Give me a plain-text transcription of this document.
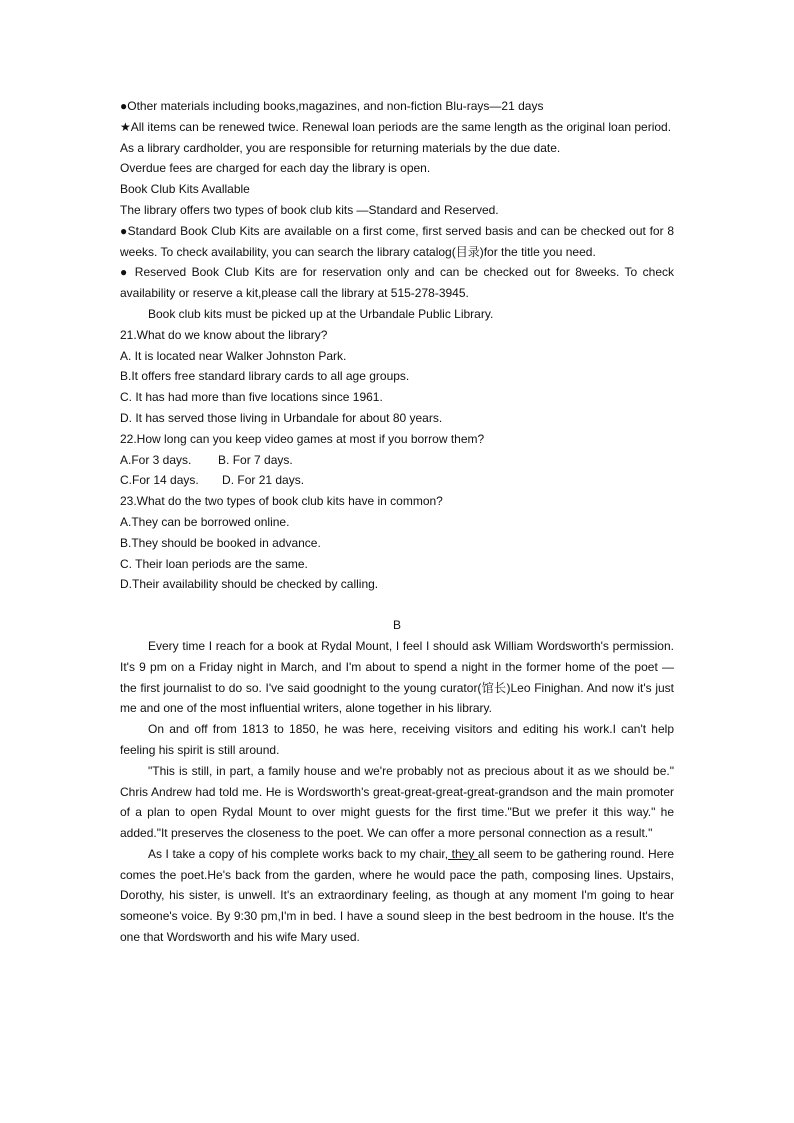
●Other materials including books,magazines, and non-fiction Blu-rays—21 days

★All items can be renewed twice. Renewal loan periods are the same length as the original loan period.

As a library cardholder, you are responsible for returning materials by the due date.

Overdue fees are charged for each day the library is open.

Book Club Kits Avallable

The library offers two types of book club kits —Standard and Reserved.

●Standard Book Club Kits are available on a first come, first served basis and can be checked out for 8 weeks. To check availability, you can search the library catalog(目录)for the title you need.

● Reserved Book Club Kits are for reservation only and can be checked out for 8weeks. To check availability or reserve a kit,please call the library at 515-278-3945.

Book club kits must be picked up at the Urbandale Public Library.

21.What do we know about the library?

A. It is located near Walker Johnston Park.

B.It offers free standard library cards to all age groups.

C. It has had more than five locations since 1961.

D. It has served those living in Urbandale for about 80 years.

22.How long can you keep video games at most if you borrow them?

A.For 3 days.        B. For 7 days.

C.For 14 days.       D. For 21 days.

23.What do the two types of book club kits have in common?

A.They can be borrowed online.

B.They should be booked in advance.

C. Their loan periods are the same.

D.Their availability should be checked by calling.

B

Every time I reach for a book at Rydal Mount, I feel I should ask William Wordsworth's permission. It's 9 pm on a Friday night in March, and I'm about to spend a night in the former home of the poet — the first journalist to do so. I've said goodnight to the young curator(馆长)Leo Finighan. And now it's just me and one of the most influential writers, alone together in his library.

On and off from 1813 to 1850, he was here, receiving visitors and editing his work.I can't help feeling his spirit is still around.

"This is still, in part, a family house and we're probably not as precious about it as we should be." Chris Andrew had told me. He is Wordsworth's great-great-great-great-grandson and the main promoter of a plan to open Rydal Mount to over might guests for the first time."But we prefer it this way." he added."It preserves the closeness to the poet. We can offer a more personal connection as a result."

As I take a copy of his complete works back to my chair, they all seem to be gathering round. Here comes the poet.He's back from the garden, where he would pace the path, composing lines. Upstairs, Dorothy, his sister, is unwell. It's an extraordinary feeling, as though at any moment I'm going to hear someone's voice. By 9:30 pm,I'm in bed. I have a sound sleep in the best bedroom in the house. It's the one that Wordsworth and his wife Mary used.
